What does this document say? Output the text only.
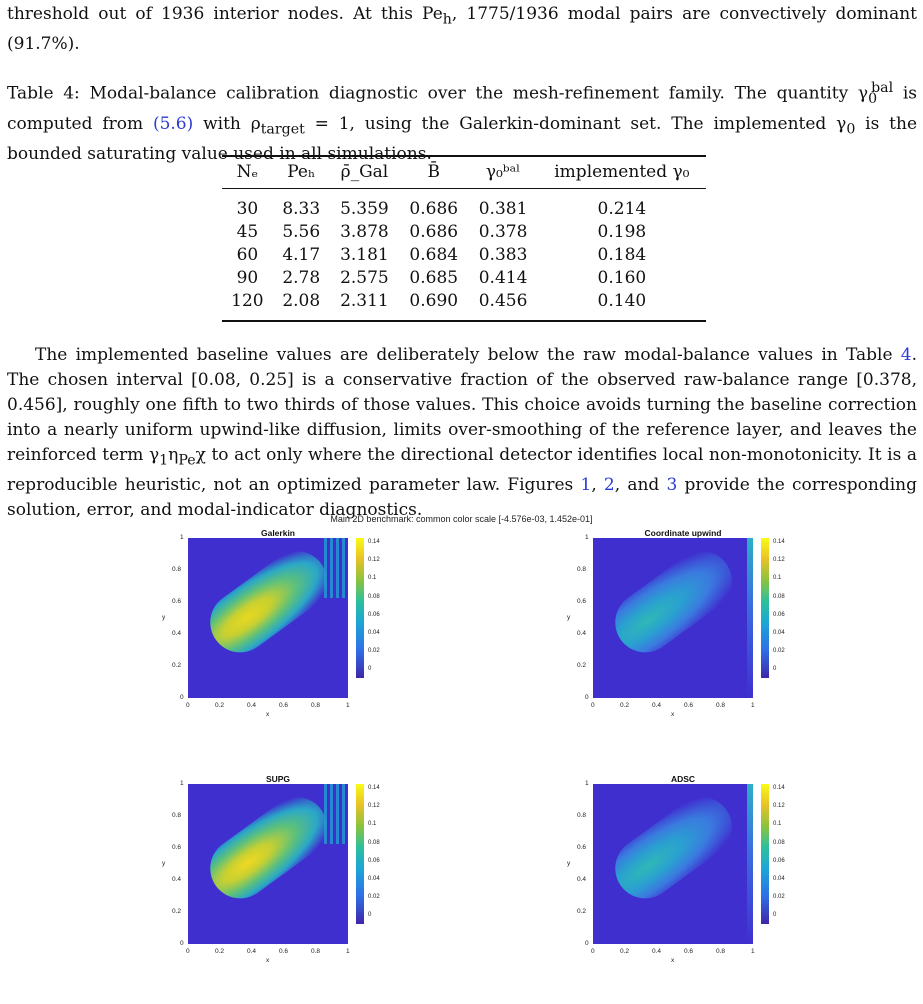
threshold out of 1936 interior nodes. At this $Pe_h$, 1775/1936 modal pairs are convectively dominant (91.7%).
Table 4: Modal-balance calibration diagnostic over the mesh-refinement family. The quantity $\gamma_0^{bal}$ is computed from (5.6) with $\rho_{target} = 1$, using the Galerkin-dominant set. The implemented $\gamma_0$ is the bounded saturating value used in all simulations.
Nₑ	Peₕ	ρ̄_Gal	B̄	γ₀ᵇᵃˡ	implemented γ₀
30	8.33	5.359	0.686	0.381	0.214
45	5.56	3.878	0.686	0.378	0.198
60	4.17	3.181	0.684	0.383	0.184
90	2.78	2.575	0.685	0.414	0.160
120	2.08	2.311	0.690	0.456	0.140
The implemented baseline values are deliberately below the raw modal-balance values in Table 4. The chosen interval [0.08, 0.25] is a conservative fraction of the observed raw-balance range [0.378, 0.456], roughly one fifth to two thirds of those values. This choice avoids turning the baseline correction into a nearly uniform upwind-like diffusion, limits over-smoothing of the reference layer, and leaves the reinforced term $\gamma_1\eta_{Pe}\chi$ to act only where the directional detector identifies local non-monotonicity. It is a reproducible heuristic, not an optimized parameter law. Figures 1, 2, and 3 provide the corresponding solution, error, and modal-indicator diagnostics.
Main 2D benchmark: common color scale [-4.576e-03, 1.452e-01]
Galerkin
1
0.8
0.6
0.4
0.2
0
y
0	0.2	0.4	0.6	0.8	1
x
0.14
0.12
0.1
0.08
0.06
0.04
0.02
0
Coordinate upwind
1
0.8
0.6
0.4
0.2
0
y
0	0.2	0.4	0.6	0.8	1
x
0.14
0.12
0.1
0.08
0.06
0.04
0.02
0
SUPG
1
0.8
0.6
0.4
0.2
0
y
0	0.2	0.4	0.6	0.8	1
x
0.14
0.12
0.1
0.08
0.06
0.04
0.02
0
ADSC
1
0.8
0.6
0.4
0.2
0
y
0	0.2	0.4	0.6	0.8	1
x
0.14
0.12
0.1
0.08
0.06
0.04
0.02
0
